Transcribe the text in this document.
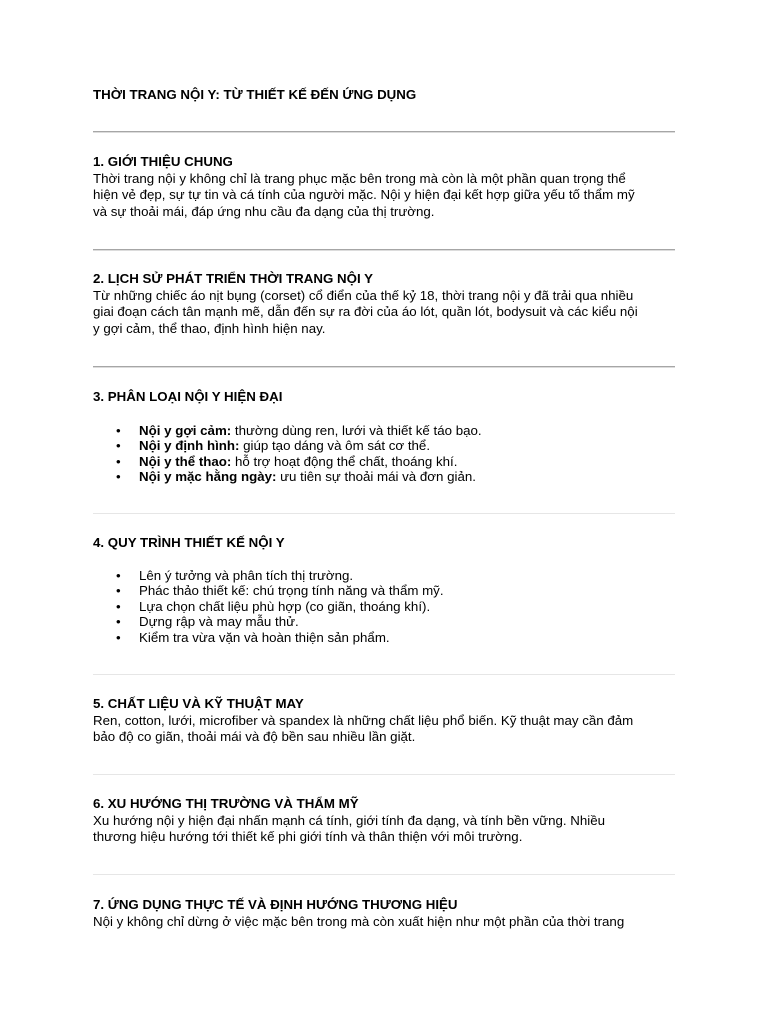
THỜI TRANG NỘI Y: TỪ THIẾT KẾ ĐẾN ỨNG DỤNG
1. GIỚI THIỆU CHUNG

Thời trang nội y không chỉ là trang phục mặc bên trong mà còn là một phần quan trọng thể
hiện vẻ đẹp, sự tự tin và cá tính của người mặc. Nội y hiện đại kết hợp giữa yếu tố thẩm mỹ
và sự thoải mái, đáp ứng nhu cầu đa dạng của thị trường.

2. LỊCH SỬ PHÁT TRIỂN THỜI TRANG NỘI Y

Từ những chiếc áo nịt bụng (corset) cổ điển của thế kỷ 18, thời trang nội y đã trải qua nhiều
giai đoạn cách tân mạnh mẽ, dẫn đến sự ra đời của áo lót, quần lót, bodysuit và các kiểu nội
y gợi cảm, thể thao, định hình hiện nay.

3. PHÂN LOẠI NỘI Y HIỆN ĐẠI
• Nội y gợi cảm: thường dùng ren, lưới và thiết kế táo bạo.
• Nội y định hình: giúp tạo dáng và ôm sát cơ thể.
• Nội y thể thao: hỗ trợ hoạt động thể chất, thoáng khí.
• Nội y mặc hằng ngày: ưu tiên sự thoải mái và đơn giản.
4. QUY TRÌNH THIẾT KẾ NỘI Y
• Lên ý tưởng và phân tích thị trường.
• Phác thảo thiết kế: chú trọng tính năng và thẩm mỹ.
• Lựa chọn chất liệu phù hợp (co giãn, thoáng khí).
• Dựng rập và may mẫu thử.
• Kiểm tra vừa vặn và hoàn thiện sản phẩm.
5. CHẤT LIỆU VÀ KỸ THUẬT MAY

Ren, cotton, lưới, microfiber và spandex là những chất liệu phổ biến. Kỹ thuật may cần đảm
bảo độ co giãn, thoải mái và độ bền sau nhiều lần giặt.

6. XU HƯỚNG THỊ TRƯỜNG VÀ THẨM MỸ

Xu hướng nội y hiện đại nhấn mạnh cá tính, giới tính đa dạng, và tính bền vững. Nhiều
thương hiệu hướng tới thiết kế phi giới tính và thân thiện với môi trường.

7. ỨNG DỤNG THỰC TẾ VÀ ĐỊNH HƯỚNG THƯƠNG HIỆU

Nội y không chỉ dừng ở việc mặc bên trong mà còn xuất hiện như một phần của thời trang
